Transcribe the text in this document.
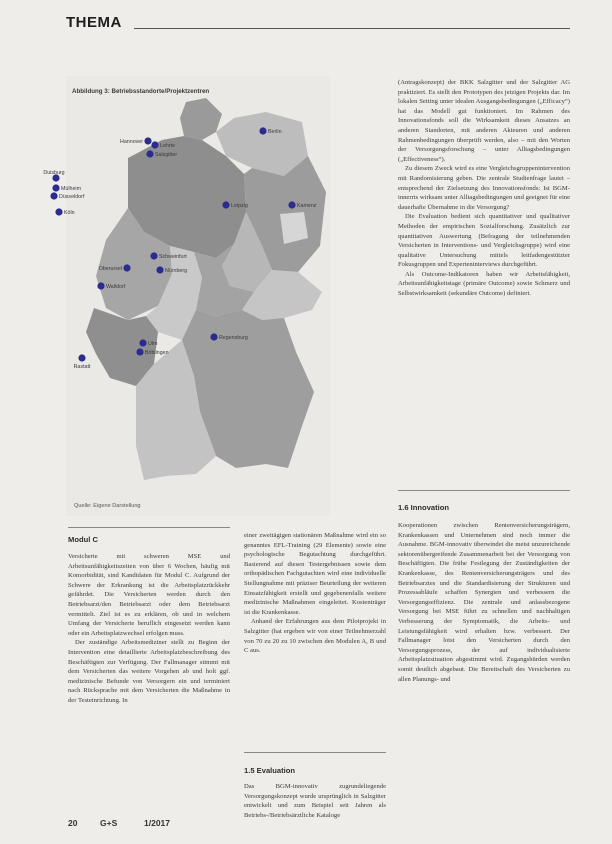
THEMA
Abbildung 3: Betriebsstandorte/Projektzentren
Hannover
Lehrte
Salzgitter
Berlin
Duisburg
Mülheim
Düsseldorf
Köln
Leipzig	Kamenz
Oberursel
Schweinfurt
Nürnberg
Walldorf
Regensburg
Ulm
Böblingen
Rastatt
Quelle: Eigene Darstellung

(Antragskonzept) der BKK Salzgitter und der Salzgitter AG praktiziert. Es stellt den Prototypen des jetzigen Projekts dar. Im lokalen Setting unter idealen Ausgangsbedingungen („Efficacy“) hat das Modell gut funktioniert. Im Rahmen des Innovationsfonds soll die Wirksamkeit dieses Ansatzes an anderen Standorten, mit anderen Akteuren und anderen Rahmenbedingungen überprüft werden, also – mit den Worten der Versorgungsforschung – unter Alltagsbedingungen („Effectiveness“).

Zu diesem Zweck wird es eine Vergleichsgruppenintervention mit Randomisierung geben. Die zentrale Studienfrage lautet – entsprechend der Zielsetzung des Innovationsfonds: Ist BGM-innerrts wirksam unter Alltagsbedingungen und geeignet für eine dauerhafte Übernahme in die Versorgung?

Die Evaluation bedient sich quantitativer und qualitativer Methoden der empirischen Sozialforschung. Zusätzlich zur quantitativen Auswertung (Befragung der teilnehmenden Versicherten in Interventions- und Vergleichsgruppe) wird eine qualitative Untersuchung mittels leitfadengestützter Fokusgruppen und Experteninterviews durchgeführt.

Als Outcome-Indikatoren haben wir Arbeitsfähigkeit, Arbeitsunfähigkeitstage (primäre Outcome) sowie Schmerz und Selbstwirksamkeit (sekundäre Outcome) definiert.

1.6 Innovation

Kooperationen zwischen Rentenversicherungsträgern, Krankenkassen und Unternehmen sind noch immer die Ausnahme. BGM-innovativ überwindet die meist unzureichende sektorenübergreifende Zusammenarbeit bei der Versorgung von Beschäftigten. Die frühe Festlegung der Zuständigkeiten der Krankenkasse, des Rentenversicherungsträgers und des Betriebsarztes und die Standardisierung der Strukturen und Prozessabläufe schaffen Synergien und verbessern die Versorgungseffizienz. Die zentrale und anlassbezogene Versorgung bei MSE führt zu schnellen und nachhaltigen Verbesserung der Symptomatik, die Arbeits- und Leistungsfähigkeit wird erhalten bzw. verbessert. Der Fallmanager lotst den Versicherten durch den Versorgungsprozess, der auf individualisierte Arbeitsplatzsituation abgestimmt wird. Zugangshürden werden somit deutlich abgebaut. Die Bereitschaft des Versicherten zu allen Planungs- und

Modul C

Versicherte mit schweren MSE und Arbeitsunfähigkeitszeiten von über 6 Wochen, häufig mit Komorbidität, sind Kandidaten für Modul C. Aufgrund der Schwere der Erkrankung ist die Arbeitsplatzrückkehr gefährdet. Die Versicherten werden durch den Betriebsarzt/den Betriebsarzt oder dem Betriebsarzt vermittelt. Ziel ist es zu erklären, ob und in welchem Umfang der Versicherte beruflich eingesetzt werden kann oder ein Arbeitsplatzwechsel erfolgen muss.

Der zuständige Arbeitsmediziner stellt zu Beginn der Intervention eine detaillierte Arbeitsplatzbeschreibung des Beschäftigten zur Verfügung. Der Fallmanager stimmt mit dem Versicherten das weitere Vorgehen ab und holt ggf. medizinische Befunde von Versorgern ein und terminiert nach Rücksprache mit dem Versicherten die Maßnahme in der Testeinrichtung. In

einer zweitägigen stationären Maßnahme wird ein so genanntes EFL-Training (29 Elemente) sowie eine psychologische Begutachtung durchgeführt. Basierend auf diesen Testergebnissen sowie dem orthopädischen Fachgutachten wird eine individuelle Stellungnahme mit präziser Beurteilung der weiteren Einsatzfähigkeit erstellt und gegebenenfalls weitere medizinische Maßnahmen eingeleitet. Kostenträger ist die Krankenkasse.

Anhand der Erfahrungen aus dem Pilotprojekt in Salzgitter (hat ergeben wir von einer Teilnehmerzahl von 70 zu 20 zu 10 zwischen den Modulen A, B und C aus.

1.5 Evaluation

Das BGM-innovativ zugrundeliegende Versorgungskonzept wurde ursprünglich in Salzgitter entwickelt und zum Beispiel seit Jahren als Betriebs-/Betriebsärztliche Kataloge

20	G+S	1/2017
